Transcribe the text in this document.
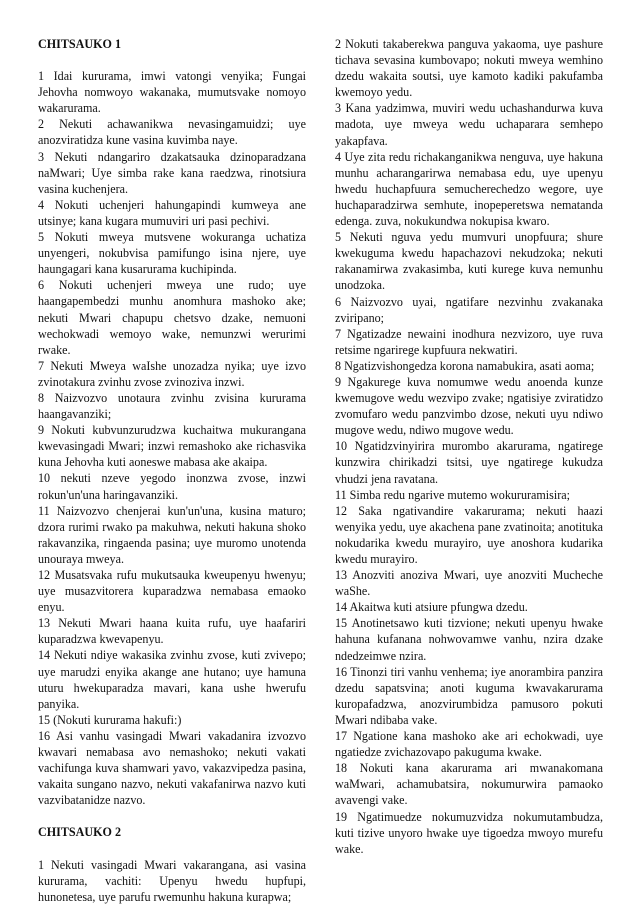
CHITSAUKO 1

1 Idai kururama, imwi vatongi venyika; Fungai Jehovha nomwoyo wakanaka, mumutsvake nomoyo wakarurama.

2 Nekuti achawanikwa nevasingamuidzi; uye anozviratidza kune vasina kuvimba naye.

3 Nekuti ndangariro dzakatsauka dzinoparadzana naMwari; Uye simba rake kana raedzwa, rinotsiura vasina kuchenjera.

4 Nokuti uchenjeri hahungapindi kumweya ane utsinye; kana kugara mumuviri uri pasi pechivi.

5 Nokuti mweya mutsvene wokuranga uchatiza unyengeri, nokubvisa pamifungo isina njere, uye haungagari kana kusarurama kuchipinda.

6 Nokuti uchenjeri mweya une rudo; uye haangapembedzi munhu anomhura mashoko ake; nekuti Mwari chapupu chetsvo dzake, nemuoni wechokwadi wemoyo wake, nemunzwi werurimi rwake.

7 Nekuti Mweya waIshe unozadza nyika; uye izvo zvinotakura zvinhu zvose zvinoziva inzwi.

8 Naizvozvo unotaura zvinhu zvisina kururama haangavanziki;

9 Nokuti kubvunzurudzwa kuchaitwa mukurangana kwevasingadi Mwari; inzwi remashoko ake richasvika kuna Jehovha kuti aoneswe mabasa ake akaipa.

10 nekuti nzeve yegodo inonzwa zvose, inzwi rokun'un'una haringavanziki.

11 Naizvozvo chenjerai kun'un'una, kusina maturo; dzora rurimi rwako pa makuhwa, nekuti hakuna shoko rakavanzika, ringaenda pasina; uye muromo unotenda unouraya mweya.

12 Musatsvaka rufu mukutsauka kweupenyu hwenyu; uye musazvitorera kuparadzwa nemabasa emaoko enyu.

13 Nekuti Mwari haana kuita rufu, uye haafariri kuparadzwa kwevapenyu.

14 Nekuti ndiye wakasika zvinhu zvose, kuti zvivepo; uye marudzi enyika akange ane hutano; uye hamuna uturu hwekuparadza mavari, kana ushe hwerufu panyika.

15 (Nokuti kururama hakufi:)

16 Asi vanhu vasingadi Mwari vakadanira izvozvo kwavari nemabasa avo nemashoko; nekuti vakati vachifunga kuva shamwari yavo, vakazvipedza pasina, vakaita sungano nazvo, nekuti vakafanirwa nazvo kuti vazvibatanidze nazvo.

CHITSAUKO 2

1 Nekuti vasingadi Mwari vakarangana, asi vasina kururama, vachiti: Upenyu hwedu hupfupi, hunonetesa, uye parufu rwemunhu hakuna kurapwa;

2 Nokuti takaberekwa panguva yakaoma, uye pashure tichava sevasina kumbovapo; nokuti mweya wemhino dzedu wakaita soutsi, uye kamoto kadiki pakufamba kwemoyo yedu.

3 Kana yadzimwa, muviri wedu uchashandurwa kuva madota, uye mweya wedu uchaparara semhepo yakapfava.

4 Uye zita redu richakanganikwa nenguva, uye hakuna munhu acharangarirwa nemabasa edu, uye upenyu hwedu huchapfuura semucherechedzo wegore, uye huchaparadzirwa semhute, inopeperetswa nematanda edenga. zuva, nokukundwa nokupisa kwaro.

5 Nekuti nguva yedu mumvuri unopfuura; shure kwekuguma kwedu hapachazovi nekudzoka; nekuti rakanamirwa zvakasimba, kuti kurege kuva nemunhu unodzoka.

6 Naizvozvo uyai, ngatifare nezvinhu zvakanaka zviripano;

7 Ngatizadze newaini inodhura nezvizoro, uye ruva retsime ngarirege kupfuura nekwatiri.

8 Ngatizvishongedza korona namabukira, asati aoma;

9 Ngakurege kuva nomumwe wedu anoenda kunze kwemugove wedu wezvipo zvake; ngatisiye zviratidzo zvomufaro wedu panzvimbo dzose, nekuti uyu ndiwo mugove wedu, ndiwo mugove wedu.

10 Ngatidzvinyirira murombo akarurama, ngatirege kunzwira chirikadzi tsitsi, uye ngatirege kukudza vhudzi jena ravatana.

11 Simba redu ngarive mutemo wokururamisira;

12 Saka ngativandire vakarurama; nekuti haazi wenyika yedu, uye akachena pane zvatinoita; anotituka nokudarika kwedu murayiro, uye anoshora kudarika kwedu murayiro.

13 Anozviti anoziva Mwari, uye anozviti Mucheche waShe.

14 Akaitwa kuti atsiure pfungwa dzedu.

15 Anotinetsawo kuti tizvione; nekuti upenyu hwake hahuna kufanana nohwovamwe vanhu, nzira dzake ndedzeimwe nzira.

16 Tinonzi tiri vanhu venhema; iye anorambira panzira dzedu sapatsvina; anoti kuguma kwavakarurama kuropafadzwa, anozvirumbidza pamusoro pokuti Mwari ndibaba vake.

17 Ngatione kana mashoko ake ari echokwadi, uye ngatiedze zvichazovapo pakuguma kwake.

18 Nokuti kana akarurama ari mwanakomana waMwari, achamubatsira, nokumurwira pamaoko avavengi vake.

19 Ngatimuedze nokumuzvidza nokumutambudza, kuti tizive unyoro hwake uye tigoedza mwoyo murefu wake.
